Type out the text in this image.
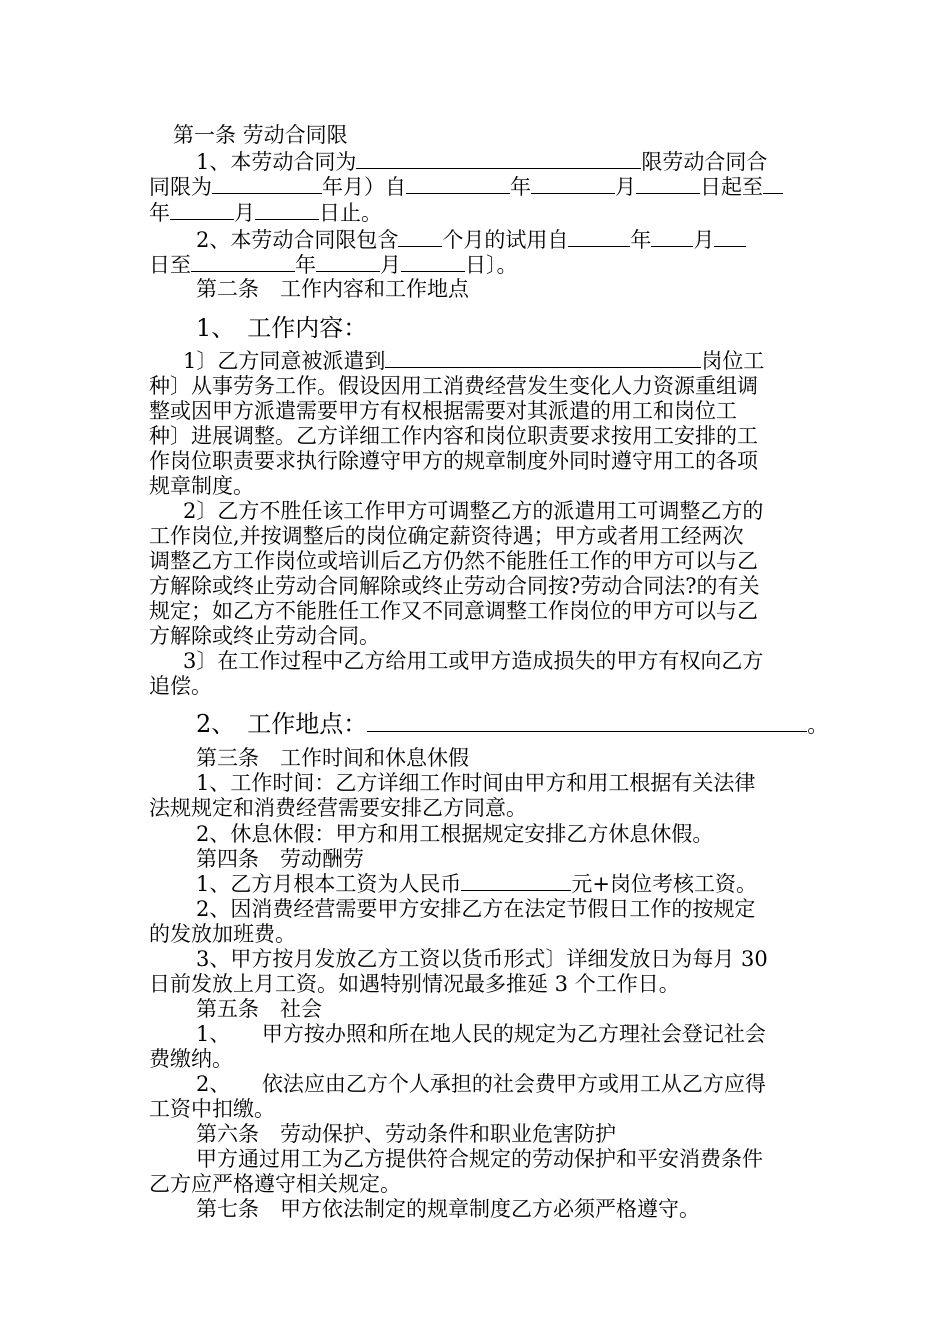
第一条 劳动合同限
1、本劳动合同为	限劳动合同合
同限为	年月）自	年	月	日起至
年	月	日止。
2、本劳动合同限包含 个月的试用自	年 月
日至	年	月	日〕。
第二条　工作内容和工作地点
1、　工作内容：
1〕乙方同意被派遣到	岗位工
种〕从事劳务工作。假设因用工消费经营发生变化人力资源重组调
整或因甲方派遣需要甲方有权根据需要对其派遣的用工和岗位工
种〕进展调整。乙方详细工作内容和岗位职责要求按用工安排的工
作岗位职责要求执行除遵守甲方的规章制度外同时遵守用工的各项
规章制度。
2〕乙方不胜任该工作甲方可调整乙方的派遣用工可调整乙方的
工作岗位,并按调整后的岗位确定薪资待遇；甲方或者用工经两次
调整乙方工作岗位或培训后乙方仍然不能胜任工作的甲方可以与乙
方解除或终止劳动合同解除或终止劳动合同按?劳动合同法?的有关
规定；如乙方不能胜任工作又不同意调整工作岗位的甲方可以与乙
方解除或终止劳动合同。
3〕在工作过程中乙方给用工或甲方造成损失的甲方有权向乙方
追偿。
2、　工作地点：	。
第三条　工作时间和休息休假
1、工作时间：乙方详细工作时间由甲方和用工根据有关法律
法规规定和消费经营需要安排乙方同意。
2、休息休假：甲方和用工根据规定安排乙方休息休假。
第四条　劳动酬劳
1、乙方月根本工资为人民币	元+岗位考核工资。
2、因消费经营需要甲方安排乙方在法定节假日工作的按规定
的发放加班费。
3、甲方按月发放乙方工资以货币形式〕详细发放日为每月 30
日前发放上月工资。如遇特别情况最多推延 3 个工作日。
第五条　社会
1、　　甲方按办照和所在地人民的规定为乙方理社会登记社会
费缴纳。
2、　　依法应由乙方个人承担的社会费甲方或用工从乙方应得
工资中扣缴。
第六条　劳动保护、劳动条件和职业危害防护
甲方通过用工为乙方提供符合规定的劳动保护和平安消费条件
乙方应严格遵守相关规定。
第七条　甲方依法制定的规章制度乙方必须严格遵守。
